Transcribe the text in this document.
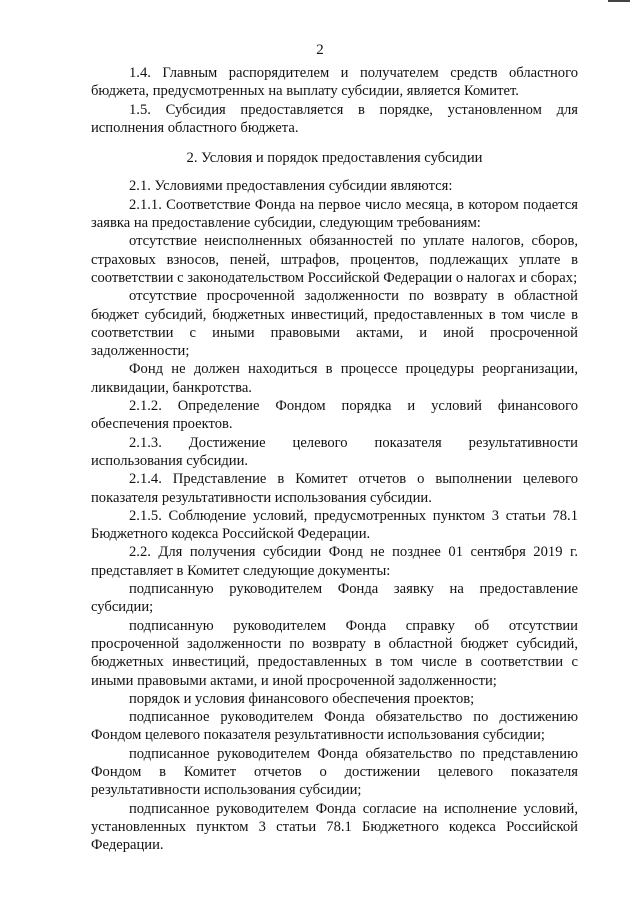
2

1.4. Главным распорядителем и получателем средств областного бюджета, предусмотренных на выплату субсидии, является Комитет.

1.5. Субсидия предоставляется в порядке, установленном для исполнения областного бюджета.

2. Условия и порядок предоставления субсидии

2.1. Условиями предоставления субсидии являются:

2.1.1. Соответствие Фонда на первое число месяца, в котором подается заявка на предоставление субсидии, следующим требованиям:

отсутствие неисполненных обязанностей по уплате налогов, сборов, страховых взносов, пеней, штрафов, процентов, подлежащих уплате в соответствии с законодательством Российской Федерации о налогах и сборах;

отсутствие просроченной задолженности по возврату в областной бюджет субсидий, бюджетных инвестиций, предоставленных в том числе в соответствии с иными правовыми актами, и иной просроченной задолженности;

Фонд не должен находиться в процессе процедуры реорганизации, ликвидации, банкротства.

2.1.2. Определение Фондом порядка и условий финансового обеспечения проектов.

2.1.3. Достижение целевого показателя результативности использования субсидии.

2.1.4. Представление в Комитет отчетов о выполнении целевого показателя результативности использования субсидии.

2.1.5. Соблюдение условий, предусмотренных пунктом 3 статьи 78.1 Бюджетного кодекса Российской Федерации.

2.2. Для получения субсидии Фонд не позднее 01 сентября 2019 г. представляет в Комитет следующие документы:

подписанную руководителем Фонда заявку на предоставление субсидии;

подписанную руководителем Фонда справку об отсутствии просроченной задолженности по возврату в областной бюджет субсидий, бюджетных инвестиций, предоставленных в том числе в соответствии с иными правовыми актами, и иной просроченной задолженности;

порядок и условия финансового обеспечения проектов;

подписанное руководителем Фонда обязательство по достижению Фондом целевого показателя результативности использования субсидии;

подписанное руководителем Фонда обязательство по представлению Фондом в Комитет отчетов о достижении целевого показателя результативности использования субсидии;

подписанное руководителем Фонда согласие на исполнение условий, установленных пунктом 3 статьи 78.1 Бюджетного кодекса Российской Федерации.
